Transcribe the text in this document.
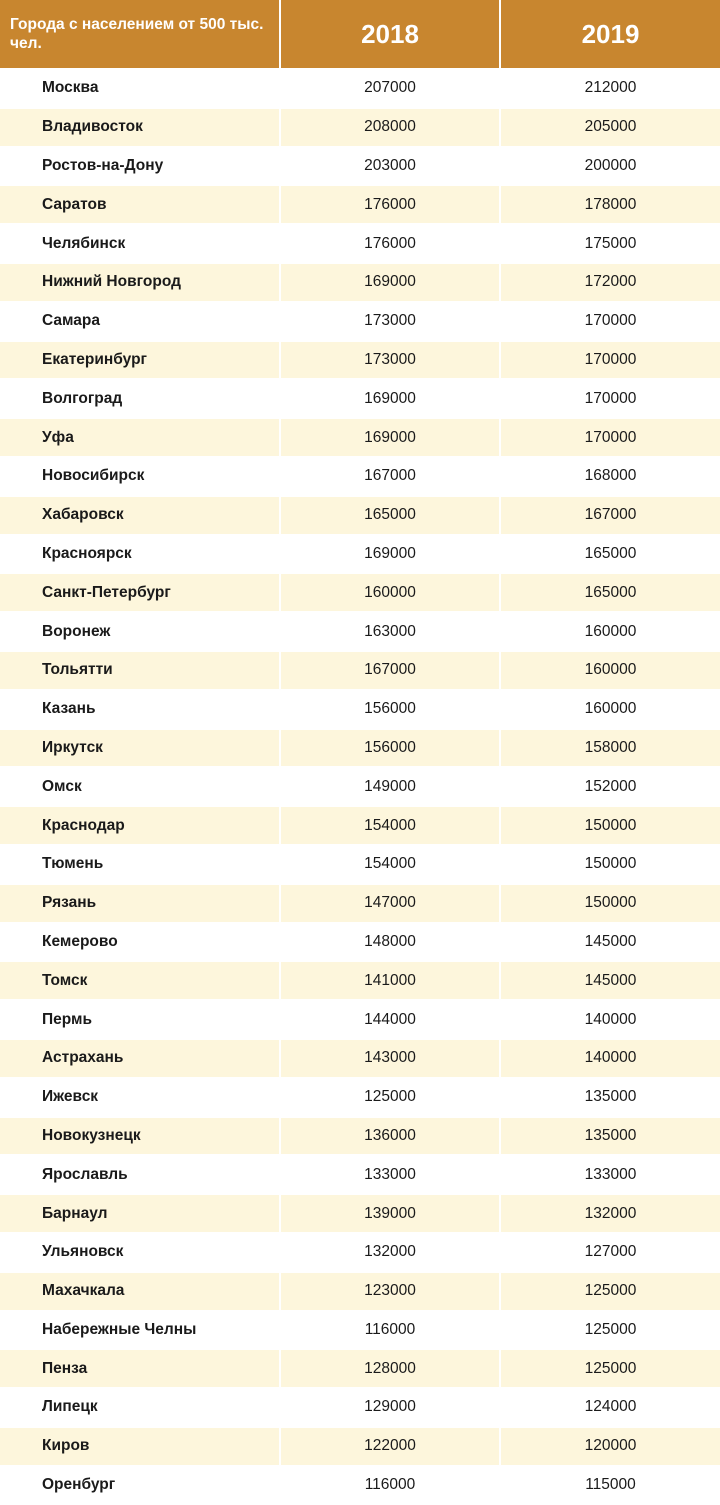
Города с населением от 500 тыс. чел.	2018	2019
Москва	207000	212000
Владивосток	208000	205000
Ростов-на-Дону	203000	200000
Саратов	176000	178000
Челябинск	176000	175000
Нижний Новгород	169000	172000
Самара	173000	170000
Екатеринбург	173000	170000
Волгоград	169000	170000
Уфа	169000	170000
Новосибирск	167000	168000
Хабаровск	165000	167000
Красноярск	169000	165000
Санкт-Петербург	160000	165000
Воронеж	163000	160000
Тольятти	167000	160000
Казань	156000	160000
Иркутск	156000	158000
Омск	149000	152000
Краснодар	154000	150000
Тюмень	154000	150000
Рязань	147000	150000
Кемерово	148000	145000
Томск	141000	145000
Пермь	144000	140000
Астрахань	143000	140000
Ижевск	125000	135000
Новокузнецк	136000	135000
Ярославль	133000	133000
Барнаул	139000	132000
Ульяновск	132000	127000
Махачкала	123000	125000
Набережные Челны	116000	125000
Пенза	128000	125000
Липецк	129000	124000
Киров	122000	120000
Оренбург	116000	115000
